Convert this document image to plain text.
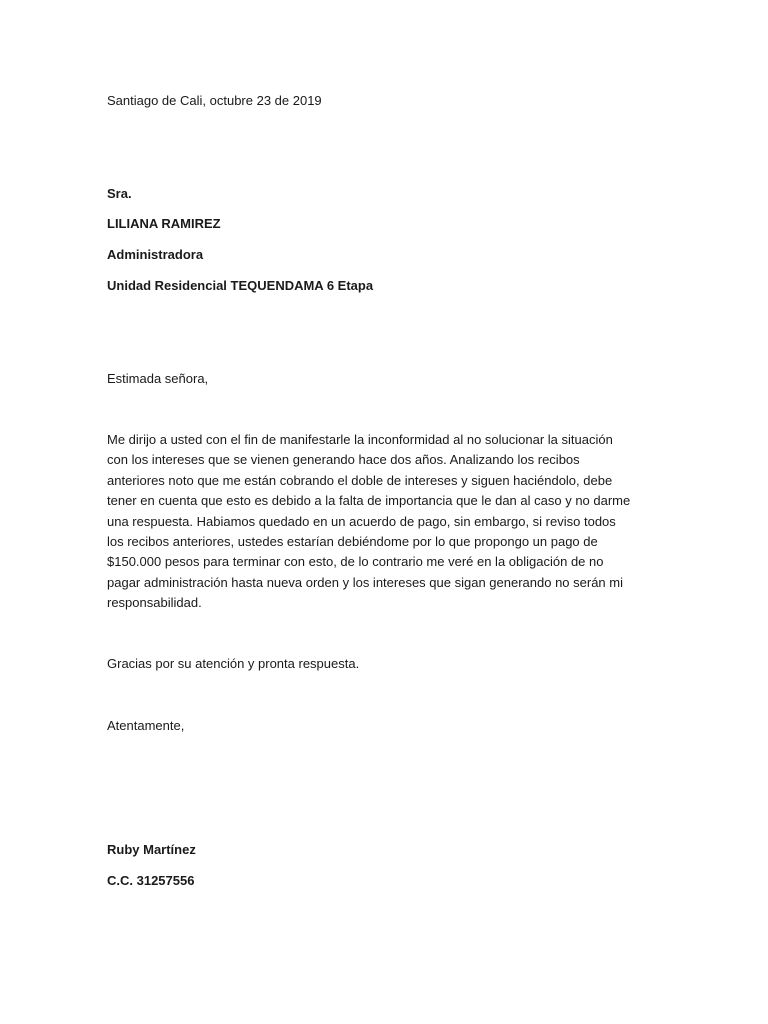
Santiago de Cali, octubre 23 de 2019
Sra.
LILIANA RAMIREZ
Administradora
Unidad Residencial TEQUENDAMA 6 Etapa
Estimada señora,
Me dirijo a usted con el fin de manifestarle la inconformidad al no solucionar la situación
con los intereses que se vienen generando hace dos años. Analizando los recibos
anteriores noto que me están cobrando el doble de intereses y siguen haciéndolo, debe
tener en cuenta que esto es debido a la falta de importancia que le dan al caso y no darme
una respuesta. Habiamos quedado en un acuerdo de pago, sin embargo, si reviso todos
los recibos anteriores, ustedes estarían debiéndome por lo que propongo un pago de
$150.000 pesos para terminar con esto, de lo contrario me veré en la obligación de no
pagar administración hasta nueva orden y los intereses que sigan generando no serán mi
responsabilidad.
Gracias por su atención y pronta respuesta.
Atentamente,
Ruby Martínez
C.C. 31257556
